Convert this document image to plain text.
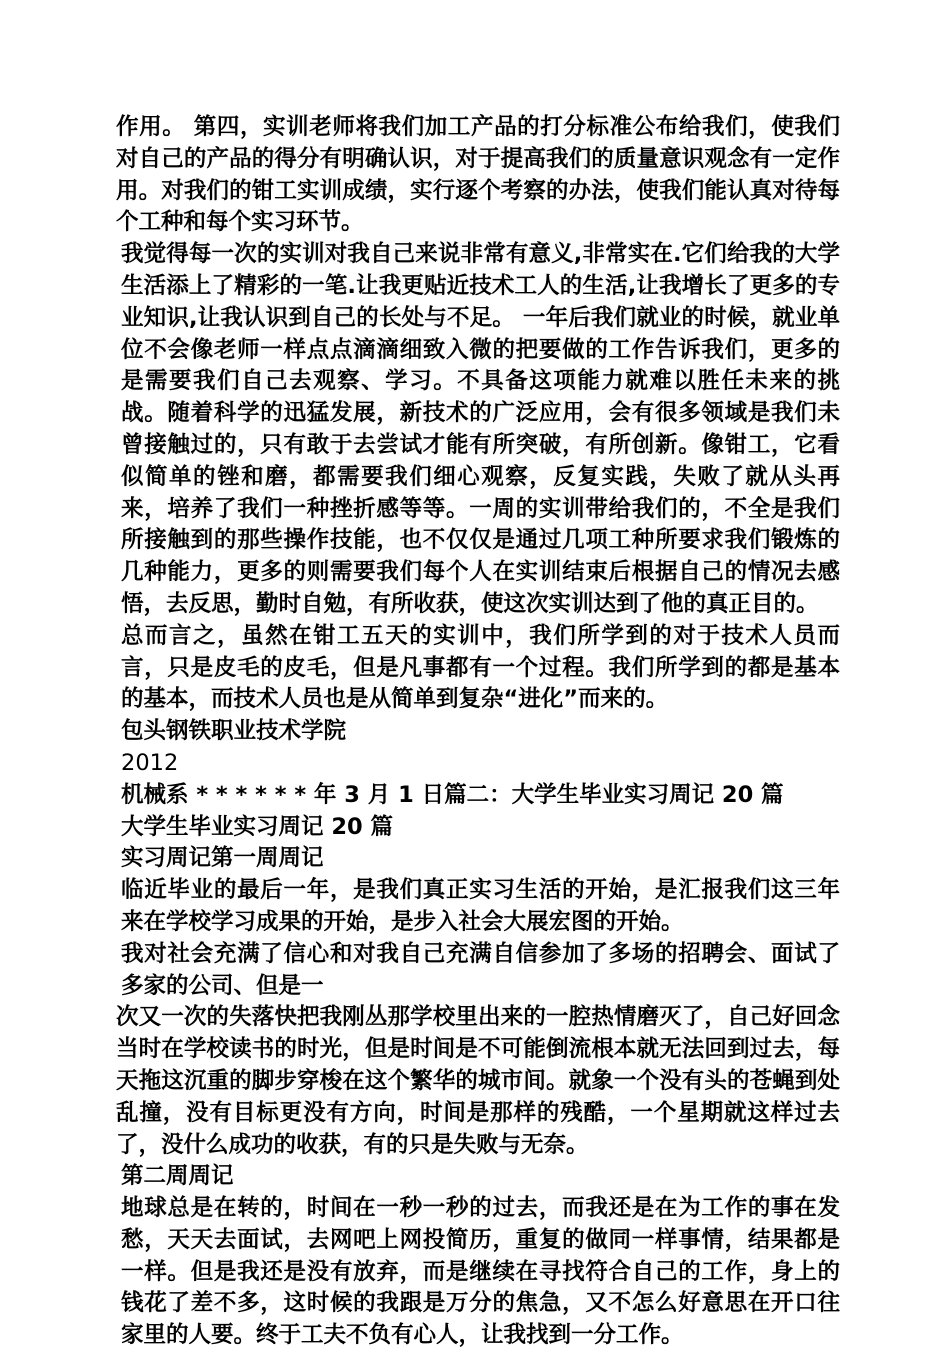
作用。 第四，实训老师将我们加工产品的打分标准公布给我们，使我们对自己的产品的得分有明确认识，对于提高我们的质量意识观念有一定作用。对我们的钳工实训成绩，实行逐个考察的办法，使我们能认真对待每个工种和每个实习环节。

我觉得每一次的实训对我自己来说非常有意义,非常实在.它们给我的大学生活添上了精彩的一笔.让我更贴近技术工人的生活,让我增长了更多的专业知识,让我认识到自己的长处与不足。 一年后我们就业的时候，就业单位不会像老师一样点点滴滴细致入微的把要做的工作告诉我们，更多的是需要我们自己去观察、学习。不具备这项能力就难以胜任未来的挑战。随着科学的迅猛发展，新技术的广泛应用，会有很多领域是我们未曾接触过的，只有敢于去尝试才能有所突破，有所创新。像钳工，它看似简单的锉和磨，都需要我们细心观察，反复实践，失败了就从头再来，培养了我们一种挫折感等等。一周的实训带给我们的，不全是我们所接触到的那些操作技能，也不仅仅是通过几项工种所要求我们锻炼的几种能力，更多的则需要我们每个人在实训结束后根据自己的情况去感悟，去反思，勤时自勉，有所收获，使这次实训达到了他的真正目的。

总而言之，虽然在钳工五天的实训中，我们所学到的对于技术人员而言，只是皮毛的皮毛，但是凡事都有一个过程。我们所学到的都是基本的基本，而技术人员也是从简单到复杂“进化”而来的。

包头钢铁职业技术学院

2012

机械系 * * * * * * 年 3 月 1 日篇二：大学生毕业实习周记 20 篇

大学生毕业实习周记 20 篇

实习周记第一周周记

临近毕业的最后一年，是我们真正实习生活的开始，是汇报我们这三年来在学校学习成果的开始，是步入社会大展宏图的开始。

我对社会充满了信心和对我自己充满自信参加了多场的招聘会、面试了多家的公司、但是一

次又一次的失落快把我刚丛那学校里出来的一腔热情磨灭了，自己好回念当时在学校读书的时光，但是时间是不可能倒流根本就无法回到过去，每天拖这沉重的脚步穿梭在这个繁华的城市间。就象一个没有头的苍蝇到处乱撞，没有目标更没有方向，时间是那样的残酷，一个星期就这样过去了，没什么成功的收获，有的只是失败与无奈。

第二周周记

地球总是在转的，时间在一秒一秒的过去，而我还是在为工作的事在发愁，天天去面试，去网吧上网投简历，重复的做同一样事情，结果都是一样。但是我还是没有放弃，而是继续在寻找符合自己的工作，身上的钱花了差不多，这时候的我跟是万分的焦急，又不怎么好意思在开口往家里的人要。终于工夫不负有心人，让我找到一分工作。
